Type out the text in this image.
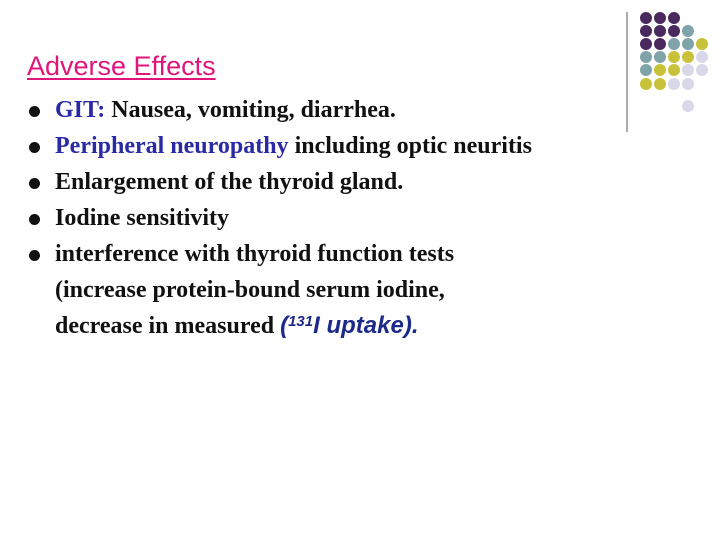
Adverse Effects
GIT: Nausea, vomiting, diarrhea.
Peripheral neuropathy including optic neuritis
Enlargement of the thyroid gland.
Iodine sensitivity
interference with thyroid function tests
(increase protein-bound serum iodine,
decrease in measured ($^{131}$I uptake).
